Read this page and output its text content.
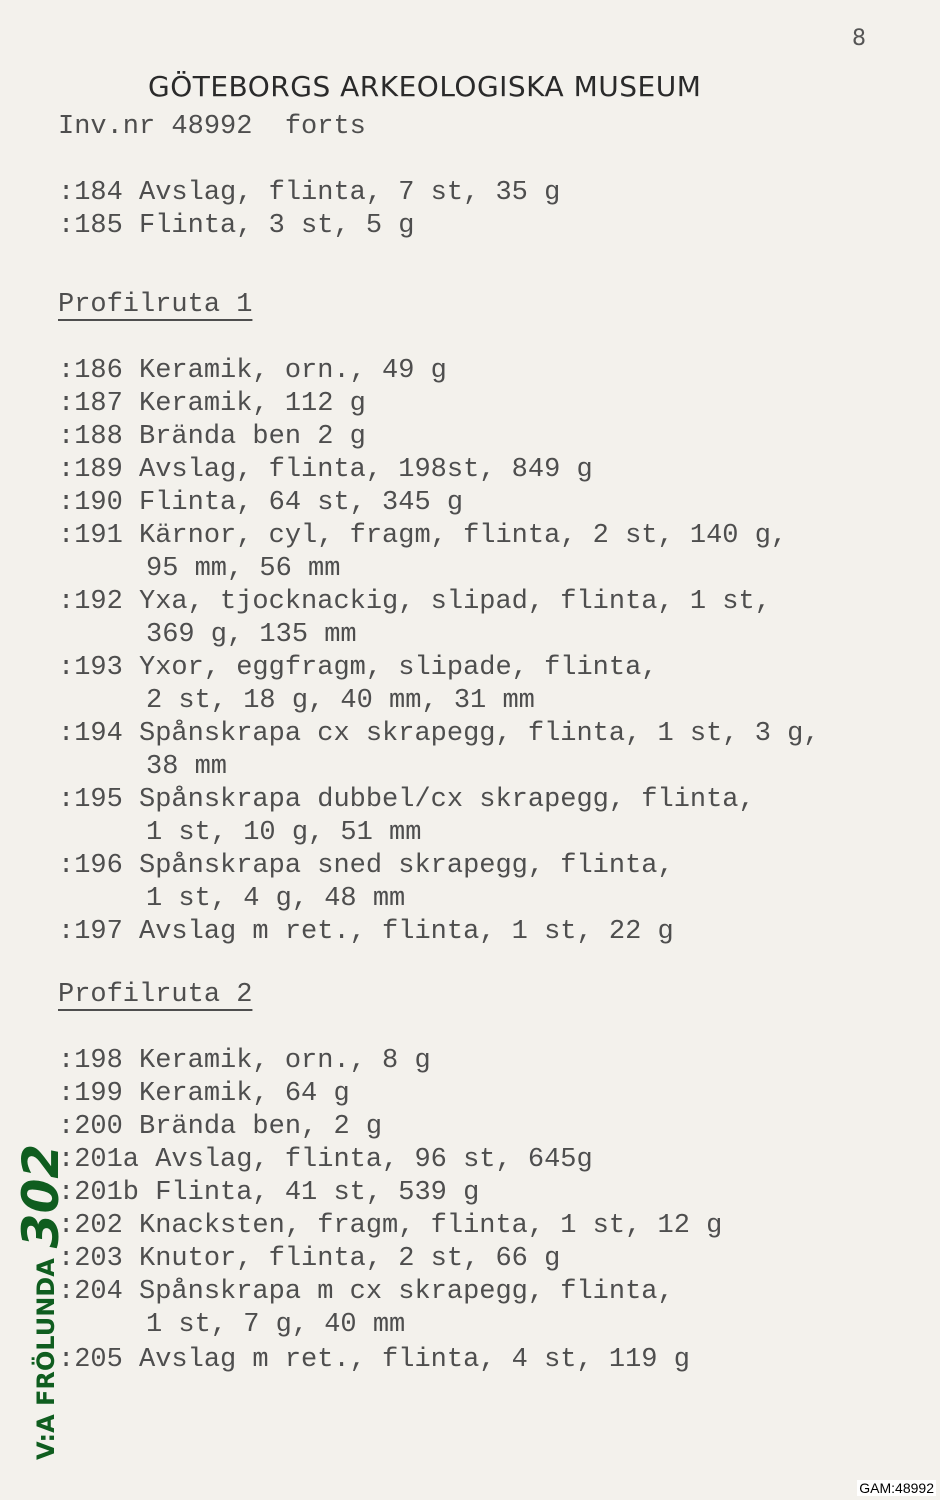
8
GÖTEBORGS ARKEOLOGISKA MUSEUM
Inv.nr 48992  forts
:184 Avslag, flinta, 7 st, 35 g
:185 Flinta, 3 st, 5 g
Profilruta 1
:186 Keramik, orn., 49 g
:187 Keramik, 112 g
:188 Brända ben 2 g
:189 Avslag, flinta, 198st, 849 g
:190 Flinta, 64 st, 345 g
:191 Kärnor, cyl, fragm, flinta, 2 st, 140 g,
95 mm, 56 mm
:192 Yxa, tjocknackig, slipad, flinta, 1 st,
369 g, 135 mm
:193 Yxor, eggfragm, slipade, flinta,
2 st, 18 g, 40 mm, 31 mm
:194 Spånskrapa cx skrapegg, flinta, 1 st, 3 g,
38 mm
:195 Spånskrapa dubbel/cx skrapegg, flinta,
1 st, 10 g, 51 mm
:196 Spånskrapa sned skrapegg, flinta,
1 st, 4 g, 48 mm
:197 Avslag m ret., flinta, 1 st, 22 g
Profilruta 2
:198 Keramik, orn., 8 g
:199 Keramik, 64 g
:200 Brända ben, 2 g
:201a Avslag, flinta, 96 st, 645g
:201b Flinta, 41 st, 539 g
:202 Knacksten, fragm, flinta, 1 st, 12 g
:203 Knutor, flinta, 2 st, 66 g
:204 Spånskrapa m cx skrapegg, flinta,
1 st, 7 g, 40 mm
:205 Avslag m ret., flinta, 4 st, 119 g
V:A FRÖLUNDA302
GAM:48992
